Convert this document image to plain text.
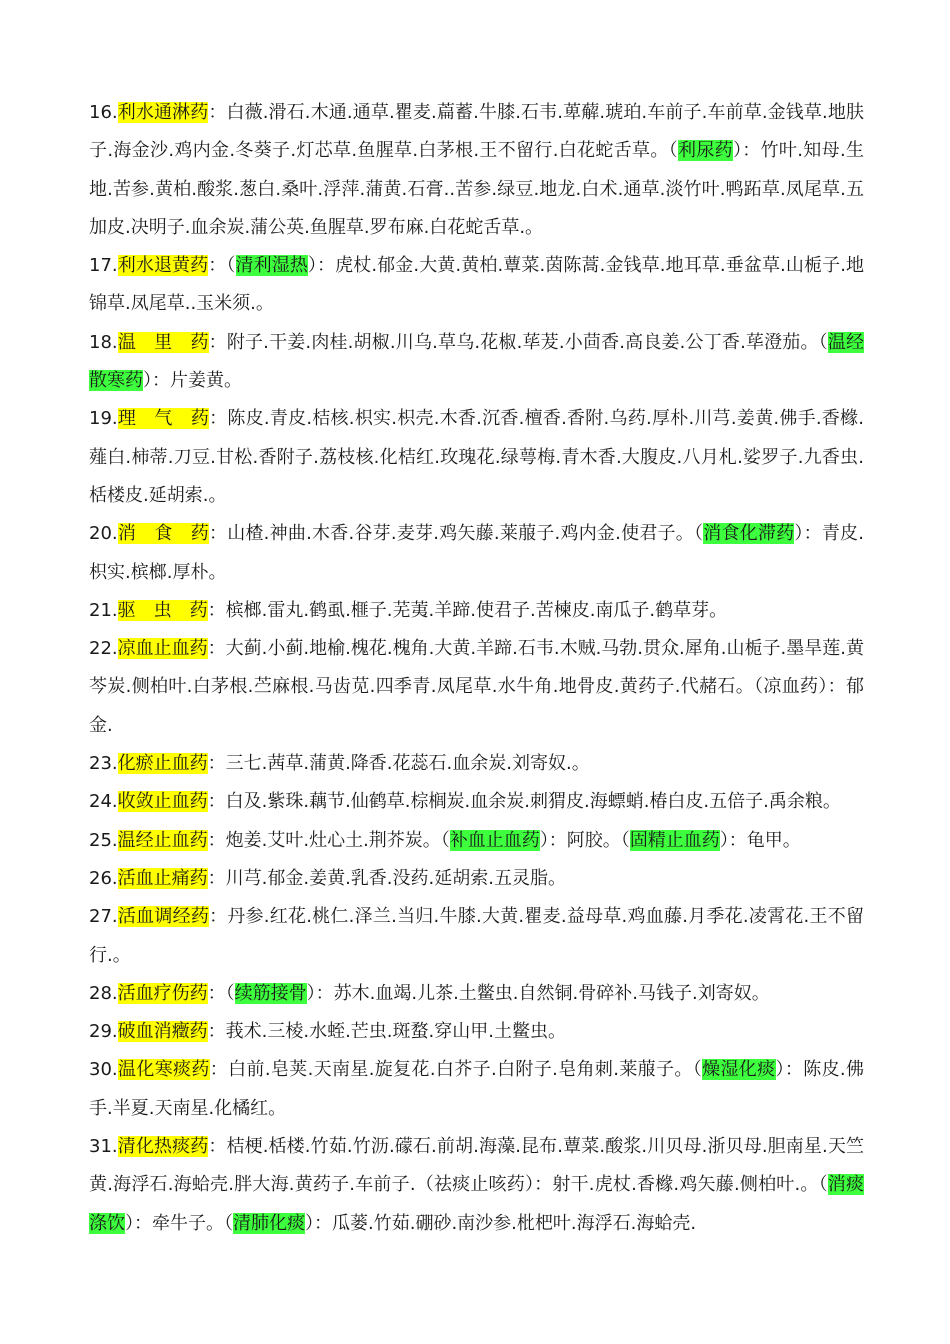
16.利水通淋药：白薇.滑石.木通.通草.瞿麦.萹蓄.牛膝.石韦.萆薢.琥珀.车前子.车前草.金钱草.地肤子.海金沙.鸡内金.冬葵子.灯芯草.鱼腥草.白茅根.王不留行.白花蛇舌草。（利尿药）：竹叶.知母.生地.苦参.黄柏.酸浆.葱白.桑叶.浮萍.蒲黄.石膏..苦参.绿豆.地龙.白术.通草.淡竹叶.鸭跖草.凤尾草.五加皮.决明子.血余炭.蒲公英.鱼腥草.罗布麻.白花蛇舌草.。

17.利水退黄药：（清利湿热）：虎杖.郁金.大黄.黄柏.蕈菜.茵陈蒿.金钱草.地耳草.垂盆草.山栀子.地锦草.凤尾草..玉米须.。

18.温　里　药：附子.干姜.肉桂.胡椒.川乌.草乌.花椒.荜茇.小茴香.高良姜.公丁香.荜澄茄。（温经散寒药）：片姜黄。

19.理　气　药：陈皮.青皮.桔核.枳实.枳壳.木香.沉香.檀香.香附.乌药.厚朴.川芎.姜黄.佛手.香橼.薤白.柿蒂.刀豆.甘松.香附子.荔枝核.化桔红.玫瑰花.绿萼梅.青木香.大腹皮.八月札.娑罗子.九香虫.栝楼皮.延胡索.。

20.消　食　药：山楂.神曲.木香.谷芽.麦芽.鸡矢藤.莱菔子.鸡内金.使君子。（消食化滞药）：青皮.枳实.槟榔.厚朴。

21.驱　虫　药：槟榔.雷丸.鹤虱.榧子.芜荑.羊蹄.使君子.苦楝皮.南瓜子.鹤草芽。

22.凉血止血药：大蓟.小蓟.地榆.槐花.槐角.大黄.羊蹄.石韦.木贼.马勃.贯众.犀角.山栀子.墨旱莲.黄芩炭.侧柏叶.白茅根.苎麻根.马齿苋.四季青.凤尾草.水牛角.地骨皮.黄药子.代赭石。（凉血药）：郁金.

23.化瘀止血药：三七.茜草.蒲黄.降香.花蕊石.血余炭.刘寄奴.。

24.收敛止血药：白及.紫珠.藕节.仙鹤草.棕榈炭.血余炭.刺猬皮.海螵蛸.椿白皮.五倍子.禹余粮。

25.温经止血药：炮姜.艾叶.灶心土.荆芥炭。（补血止血药）：阿胶。（固精止血药）：龟甲。

26.活血止痛药：川芎.郁金.姜黄.乳香.没药.延胡索.五灵脂。

27.活血调经药：丹参.红花.桃仁.泽兰.当归.牛膝.大黄.瞿麦.益母草.鸡血藤.月季花.凌霄花.王不留行.。

28.活血疗伤药：（续筋接骨）：苏木.血竭.儿茶.土鳖虫.自然铜.骨碎补.马钱子.刘寄奴。

29.破血消癥药：莪术.三棱.水蛭.芒虫.斑蝥.穿山甲.土鳖虫。

30.温化寒痰药：白前.皂荚.天南星.旋复花.白芥子.白附子.皂角刺.莱菔子。（燥湿化痰）：陈皮.佛手.半夏.天南星.化橘红。

31.清化热痰药：桔梗.栝楼.竹茹.竹沥.礞石.前胡.海藻.昆布.蕈菜.酸浆.川贝母.浙贝母.胆南星.天竺黄.海浮石.海蛤壳.胖大海.黄药子.车前子.（祛痰止咳药）：射干.虎杖.香橼.鸡矢藤.侧柏叶.。（消痰涤饮）：牵牛子。（清肺化痰）：瓜蒌.竹茹.硼砂.南沙参.枇杷叶.海浮石.海蛤壳.
